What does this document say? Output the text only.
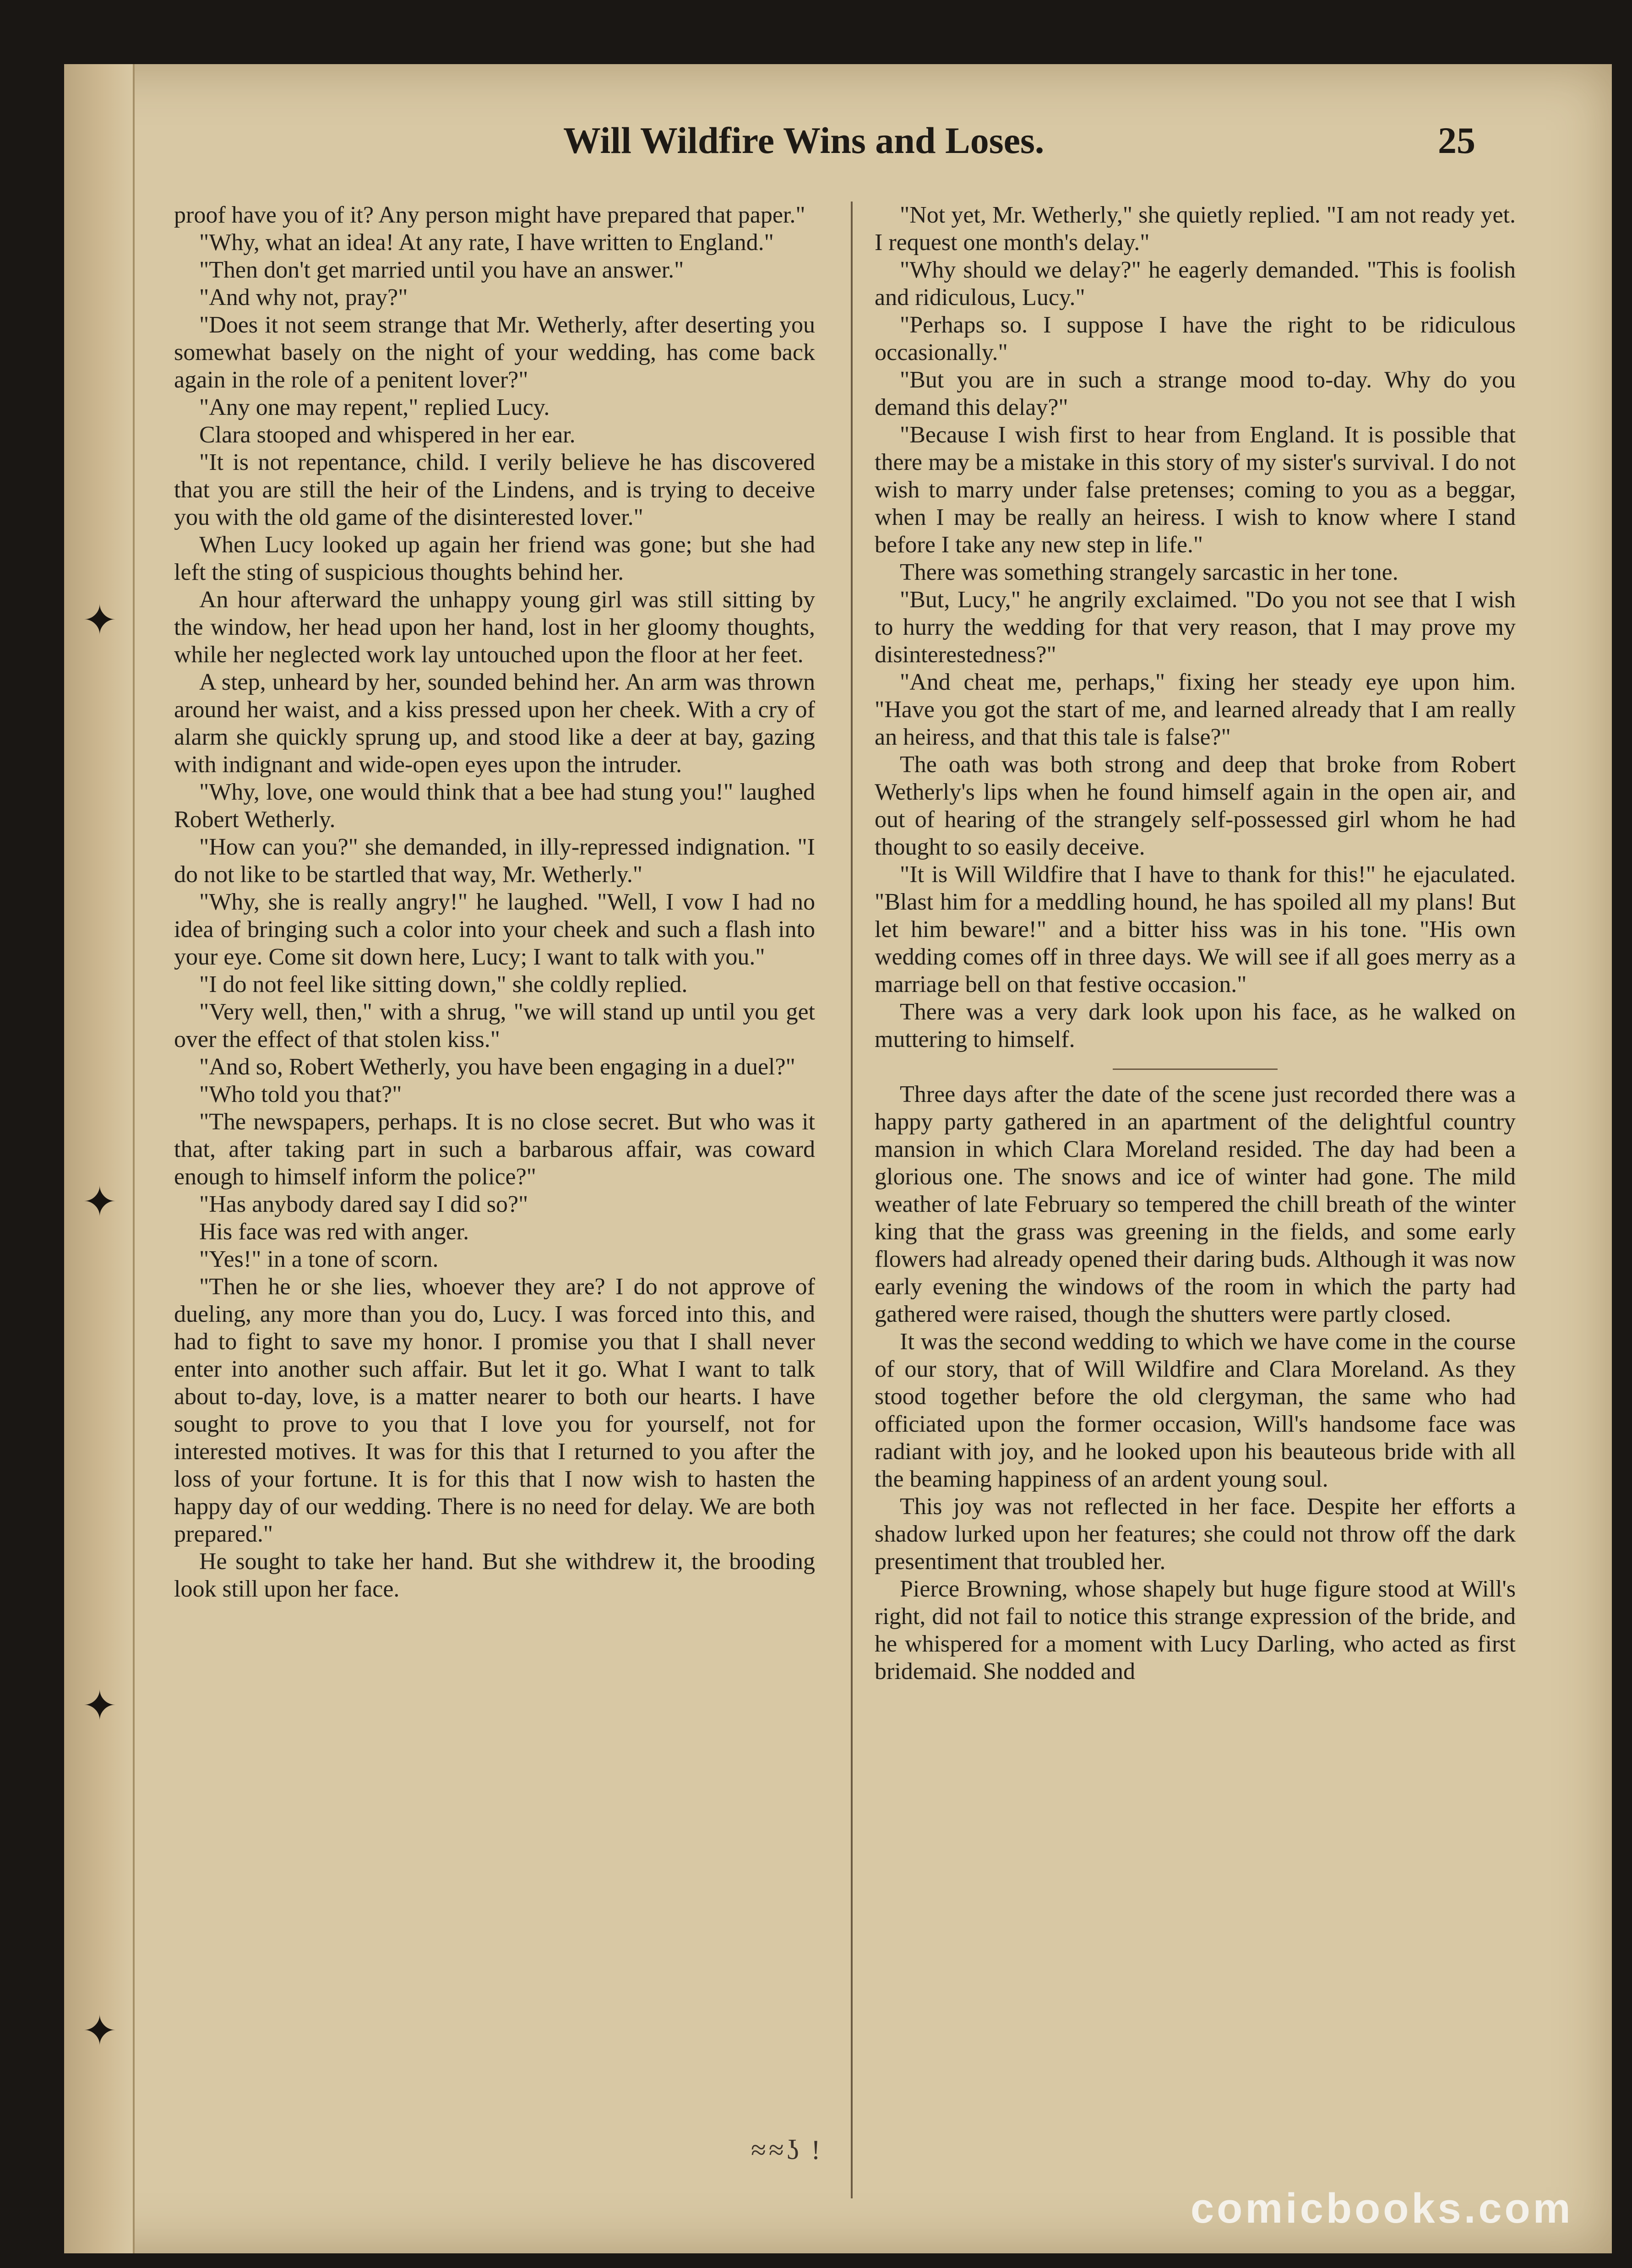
✦
✦
✦
✦
Will Wildfire Wins and Loses.	25

proof have you of it? Any person might have prepared that paper."

"Why, what an idea! At any rate, I have written to England."

"Then don't get married until you have an answer."

"And why not, pray?"

"Does it not seem strange that Mr. Wetherly, after deserting you somewhat basely on the night of your wedding, has come back again in the role of a penitent lover?"

"Any one may repent," replied Lucy.

Clara stooped and whispered in her ear.

"It is not repentance, child. I verily believe he has discovered that you are still the heir of the Lindens, and is trying to deceive you with the old game of the disinterested lover."

When Lucy looked up again her friend was gone; but she had left the sting of suspicious thoughts behind her.

An hour afterward the unhappy young girl was still sitting by the window, her head upon her hand, lost in her gloomy thoughts, while her neglected work lay untouched upon the floor at her feet.

A step, unheard by her, sounded behind her. An arm was thrown around her waist, and a kiss pressed upon her cheek. With a cry of alarm she quickly sprung up, and stood like a deer at bay, gazing with indignant and wide-open eyes upon the intruder.

"Why, love, one would think that a bee had stung you!" laughed Robert Wetherly.

"How can you?" she demanded, in illy-repressed indignation. "I do not like to be startled that way, Mr. Wetherly."

"Why, she is really angry!" he laughed. "Well, I vow I had no idea of bringing such a color into your cheek and such a flash into your eye. Come sit down here, Lucy; I want to talk with you."

"I do not feel like sitting down," she coldly replied.

"Very well, then," with a shrug, "we will stand up until you get over the effect of that stolen kiss."

"And so, Robert Wetherly, you have been engaging in a duel?"

"Who told you that?"

"The newspapers, perhaps. It is no close secret. But who was it that, after taking part in such a barbarous affair, was coward enough to himself inform the police?"

"Has anybody dared say I did so?"

His face was red with anger.

"Yes!" in a tone of scorn.

"Then he or she lies, whoever they are? I do not approve of dueling, any more than you do, Lucy. I was forced into this, and had to fight to save my honor. I promise you that I shall never enter into another such affair. But let it go. What I want to talk about to-day, love, is a matter nearer to both our hearts. I have sought to prove to you that I love you for yourself, not for interested motives. It was for this that I returned to you after the loss of your fortune. It is for this that I now wish to hasten the happy day of our wedding. There is no need for delay. We are both prepared."

He sought to take her hand. But she withdrew it, the brooding look still upon her face.

"Not yet, Mr. Wetherly," she quietly replied. "I am not ready yet. I request one month's delay."

"Why should we delay?" he eagerly demanded. "This is foolish and ridiculous, Lucy."

"Perhaps so. I suppose I have the right to be ridiculous occasionally."

"But you are in such a strange mood to-day. Why do you demand this delay?"

"Because I wish first to hear from England. It is possible that there may be a mistake in this story of my sister's survival. I do not wish to marry under false pretenses; coming to you as a beggar, when I may be really an heiress. I wish to know where I stand before I take any new step in life."

There was something strangely sarcastic in her tone.

"But, Lucy," he angrily exclaimed. "Do you not see that I wish to hurry the wedding for that very reason, that I may prove my disinterestedness?"

"And cheat me, perhaps," fixing her steady eye upon him. "Have you got the start of me, and learned already that I am really an heiress, and that this tale is false?"

The oath was both strong and deep that broke from Robert Wetherly's lips when he found himself again in the open air, and out of hearing of the strangely self-possessed girl whom he had thought to so easily deceive.

"It is Will Wildfire that I have to thank for this!" he ejaculated. "Blast him for a meddling hound, he has spoiled all my plans! But let him beware!" and a bitter hiss was in his tone. "His own wedding comes off in three days. We will see if all goes merry as a marriage bell on that festive occasion."

There was a very dark look upon his face, as he walked on muttering to himself.

Three days after the date of the scene just recorded there was a happy party gathered in an apartment of the delightful country mansion in which Clara Moreland resided. The day had been a glorious one. The snows and ice of winter had gone. The mild weather of late February so tempered the chill breath of the winter king that the grass was greening in the fields, and some early flowers had already opened their daring buds. Although it was now early evening the windows of the room in which the party had gathered were raised, though the shutters were partly closed.

It was the second wedding to which we have come in the course of our story, that of Will Wildfire and Clara Moreland. As they stood together before the old clergyman, the same who had officiated upon the former occasion, Will's handsome face was radiant with joy, and he looked upon his beauteous bride with all the beaming happiness of an ardent young soul.

This joy was not reflected in her face. Despite her efforts a shadow lurked upon her features; she could not throw off the dark presentiment that troubled her.

Pierce Browning, whose shapely but huge figure stood at Will's right, did not fail to notice this strange expression of the bride, and he whispered for a moment with Lucy Darling, who acted as first bridemaid. She nodded and

≈≈ʖ !
comicbooks.com
